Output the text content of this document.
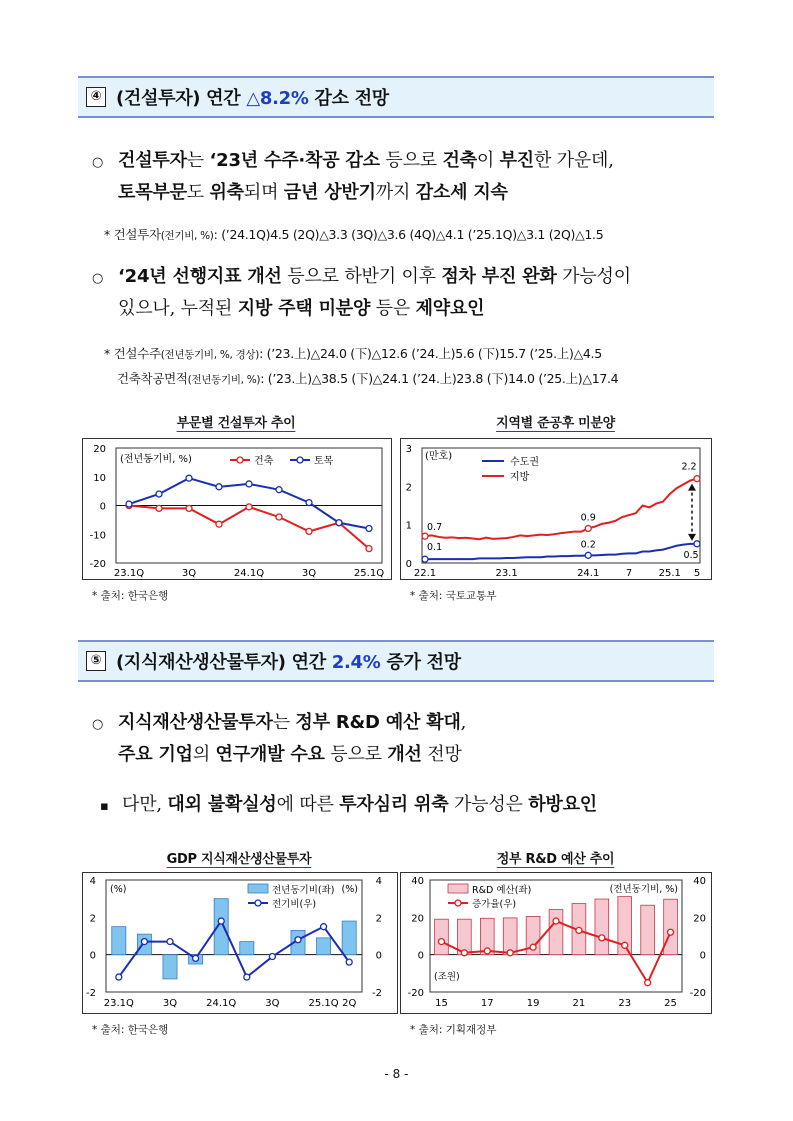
④ (건설투자) 연간 △8.2% 감소 전망
○ 건설투자는 ‘23년 수주·착공 감소 등으로 건축이 부진한 가운데,
토목부문도 위축되며 금년 상반기까지 감소세 지속
* 건설투자(전기비, %): (’24.1Q)4.5 (2Q)△3.3 (3Q)△3.6 (4Q)△4.1 (’25.1Q)△3.1 (2Q)△1.5
○ ‘24년 선행지표 개선 등으로 하반기 이후 점차 부진 완화 가능성이
있으나, 누적된 지방 주택 미분양 등은 제약요인
* 건설수주(전년동기비, %, 경상): (’23.上)△24.0 (下)△12.6 (’24.上)5.6 (下)15.7 (’25.上)△4.5
건축착공면적(전년동기비, %): (’23.上)△38.5 (下)△24.1 (’24.上)23.8 (下)14.0 (’25.上)△17.4
부문별 건설투자 추이
20
10
0
-10
-20
23.1Q	3Q	24.1Q	3Q	25.1Q
(전년동기비, %)	건축	토목
* 출처: 한국은행
지역별 준공후 미분양
3
2
1
0
22.1	23.1	24.1	7	25.1 5
0.7
0.1
0.9
0.2
2.2
0.5
(만호)
수도권
지방
* 출처: 국토교통부
⑤ (지식재산생산물투자) 연간 2.4% 증가 전망
○ 지식재산생산물투자는 정부 R&D 예산 확대,
주요 기업의 연구개발 수요 등으로 개선 전망
▪ 다만, 대외 불확실성에 따른 투자심리 위축 가능성은 하방요인
GDP 지식재산생산물투자
4	4
2	2
0	0
-2	-2
23.1Q	3Q	24.1Q	3Q	25.1Q 2Q
(%)	(%)
전년동기비(좌)
전기비(우)
* 출처: 한국은행
정부 R&D 예산 추이
40	40
20	20
0	0
-20	-20
15	17	19	21	23	25
(조원)
(전년동기비, %)
R&D 예산(좌)
증가율(우)
* 출처: 기획재정부
- 8 -
